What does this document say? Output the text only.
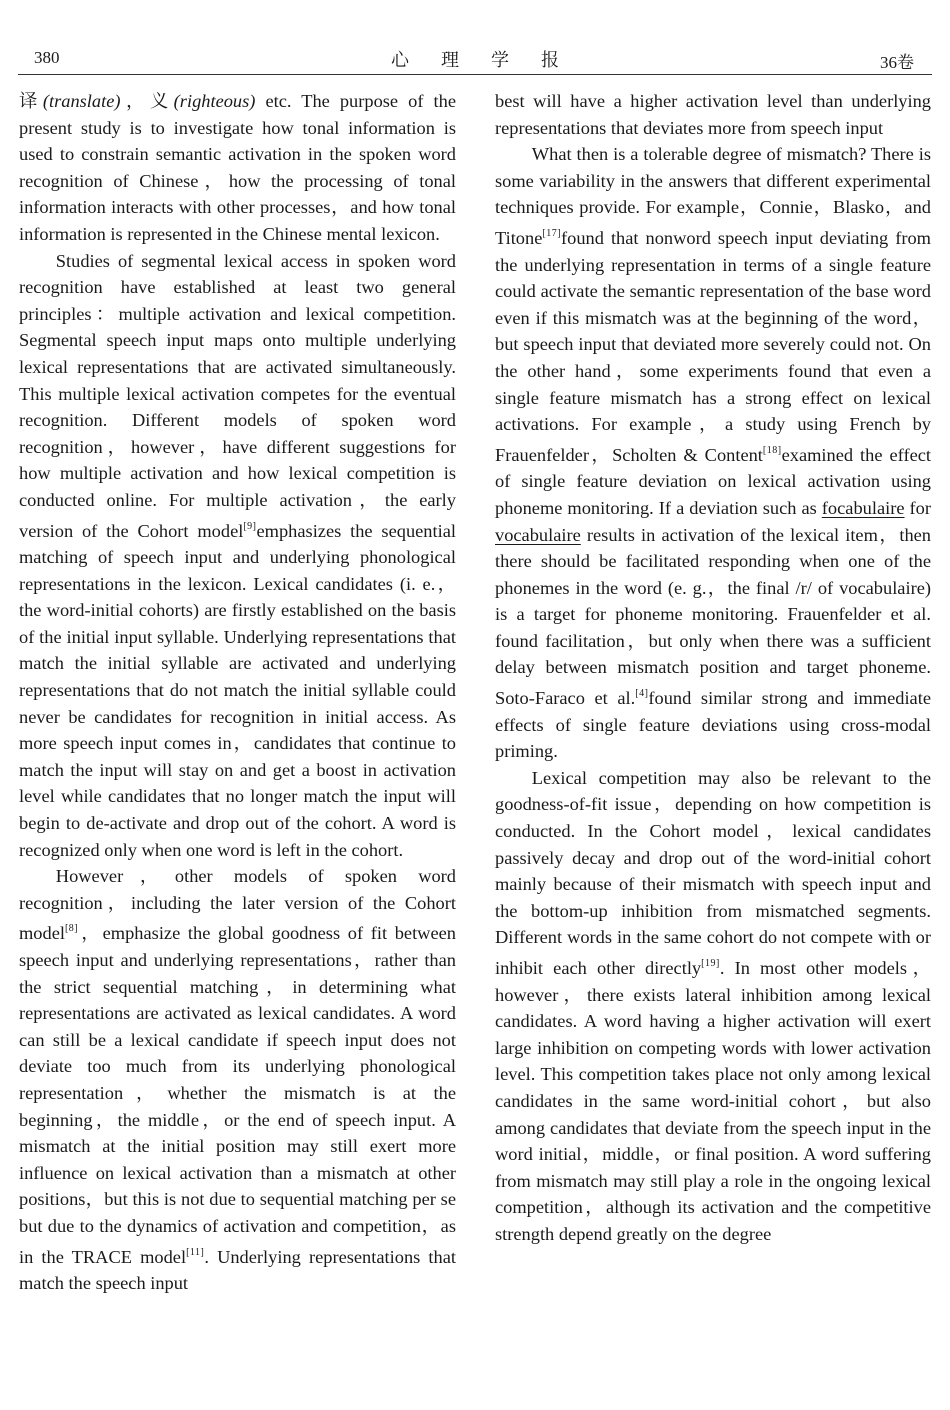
380	心理学报	36卷

译(translate)，义(righteous) etc. The purpose of the present study is to investigate how tonal information is used to constrain semantic activation in the spoken word recognition of Chinese，how the processing of tonal information interacts with other processes，and how tonal information is represented in the Chinese mental lexicon.

Studies of segmental lexical access in spoken word recognition have established at least two general principles：multiple activation and lexical competition. Segmental speech input maps onto multiple underlying lexical representations that are activated simultaneously. This multiple lexical activation competes for the eventual recognition. Different models of spoken word recognition，however，have different suggestions for how multiple activation and how lexical competition is conducted online. For multiple activation，the early version of the Cohort model[9]emphasizes the sequential matching of speech input and underlying phonological representations in the lexicon. Lexical candidates (i. e.，the word-initial cohorts) are firstly established on the basis of the initial input syllable. Underlying representations that match the initial syllable are activated and underlying representations that do not match the initial syllable could never be candidates for recognition in initial access. As more speech input comes in，candidates that continue to match the input will stay on and get a boost in activation level while candidates that no longer match the input will begin to de-activate and drop out of the cohort. A word is recognized only when one word is left in the cohort.

However，other models of spoken word recognition，including the later version of the Cohort model[8]，emphasize the global goodness of fit between speech input and underlying representations，rather than the strict sequential matching，in determining what representations are activated as lexical candidates. A word can still be a lexical candidate if speech input does not deviate too much from its underlying phonological representation，whether the mismatch is at the beginning，the middle，or the end of speech input. A mismatch at the initial position may still exert more influence on lexical activation than a mismatch at other positions，but this is not due to sequential matching per se but due to the dynamics of activation and competition，as in the TRACE model[11]. Underlying representations that match the speech input

best will have a higher activation level than underlying representations that deviates more from speech input

What then is a tolerable degree of mismatch? There is some variability in the answers that different experimental techniques provide. For example，Connie，Blasko，and Titone[17]found that nonword speech input deviating from the underlying representation in terms of a single feature could activate the semantic representation of the base word even if this mismatch was at the beginning of the word，but speech input that deviated more severely could not. On the other hand，some experiments found that even a single feature mismatch has a strong effect on lexical activations. For example，a study using French by Frauenfelder，Scholten & Content[18]examined the effect of single feature deviation on lexical activation using phoneme monitoring. If a deviation such as focabulaire for vocabulaire results in activation of the lexical item，then there should be facilitated responding when one of the phonemes in the word (e. g.，the final /r/ of vocabulaire) is a target for phoneme monitoring. Frauenfelder et al. found facilitation，but only when there was a sufficient delay between mismatch position and target phoneme. Soto-Faraco et al.[4]found similar strong and immediate effects of single feature deviations using cross-modal priming.

Lexical competition may also be relevant to the goodness-of-fit issue，depending on how competition is conducted. In the Cohort model，lexical candidates passively decay and drop out of the word-initial cohort mainly because of their mismatch with speech input and the bottom-up inhibition from mismatched segments. Different words in the same cohort do not compete with or inhibit each other directly[19]. In most other models，however，there exists lateral inhibition among lexical candidates. A word having a higher activation will exert large inhibition on competing words with lower activation level. This competition takes place not only among lexical candidates in the same word-initial cohort，but also among candidates that deviate from the speech input in the word initial，middle，or final position. A word suffering from mismatch may still play a role in the ongoing lexical competition，although its activation and the competitive strength depend greatly on the degree
